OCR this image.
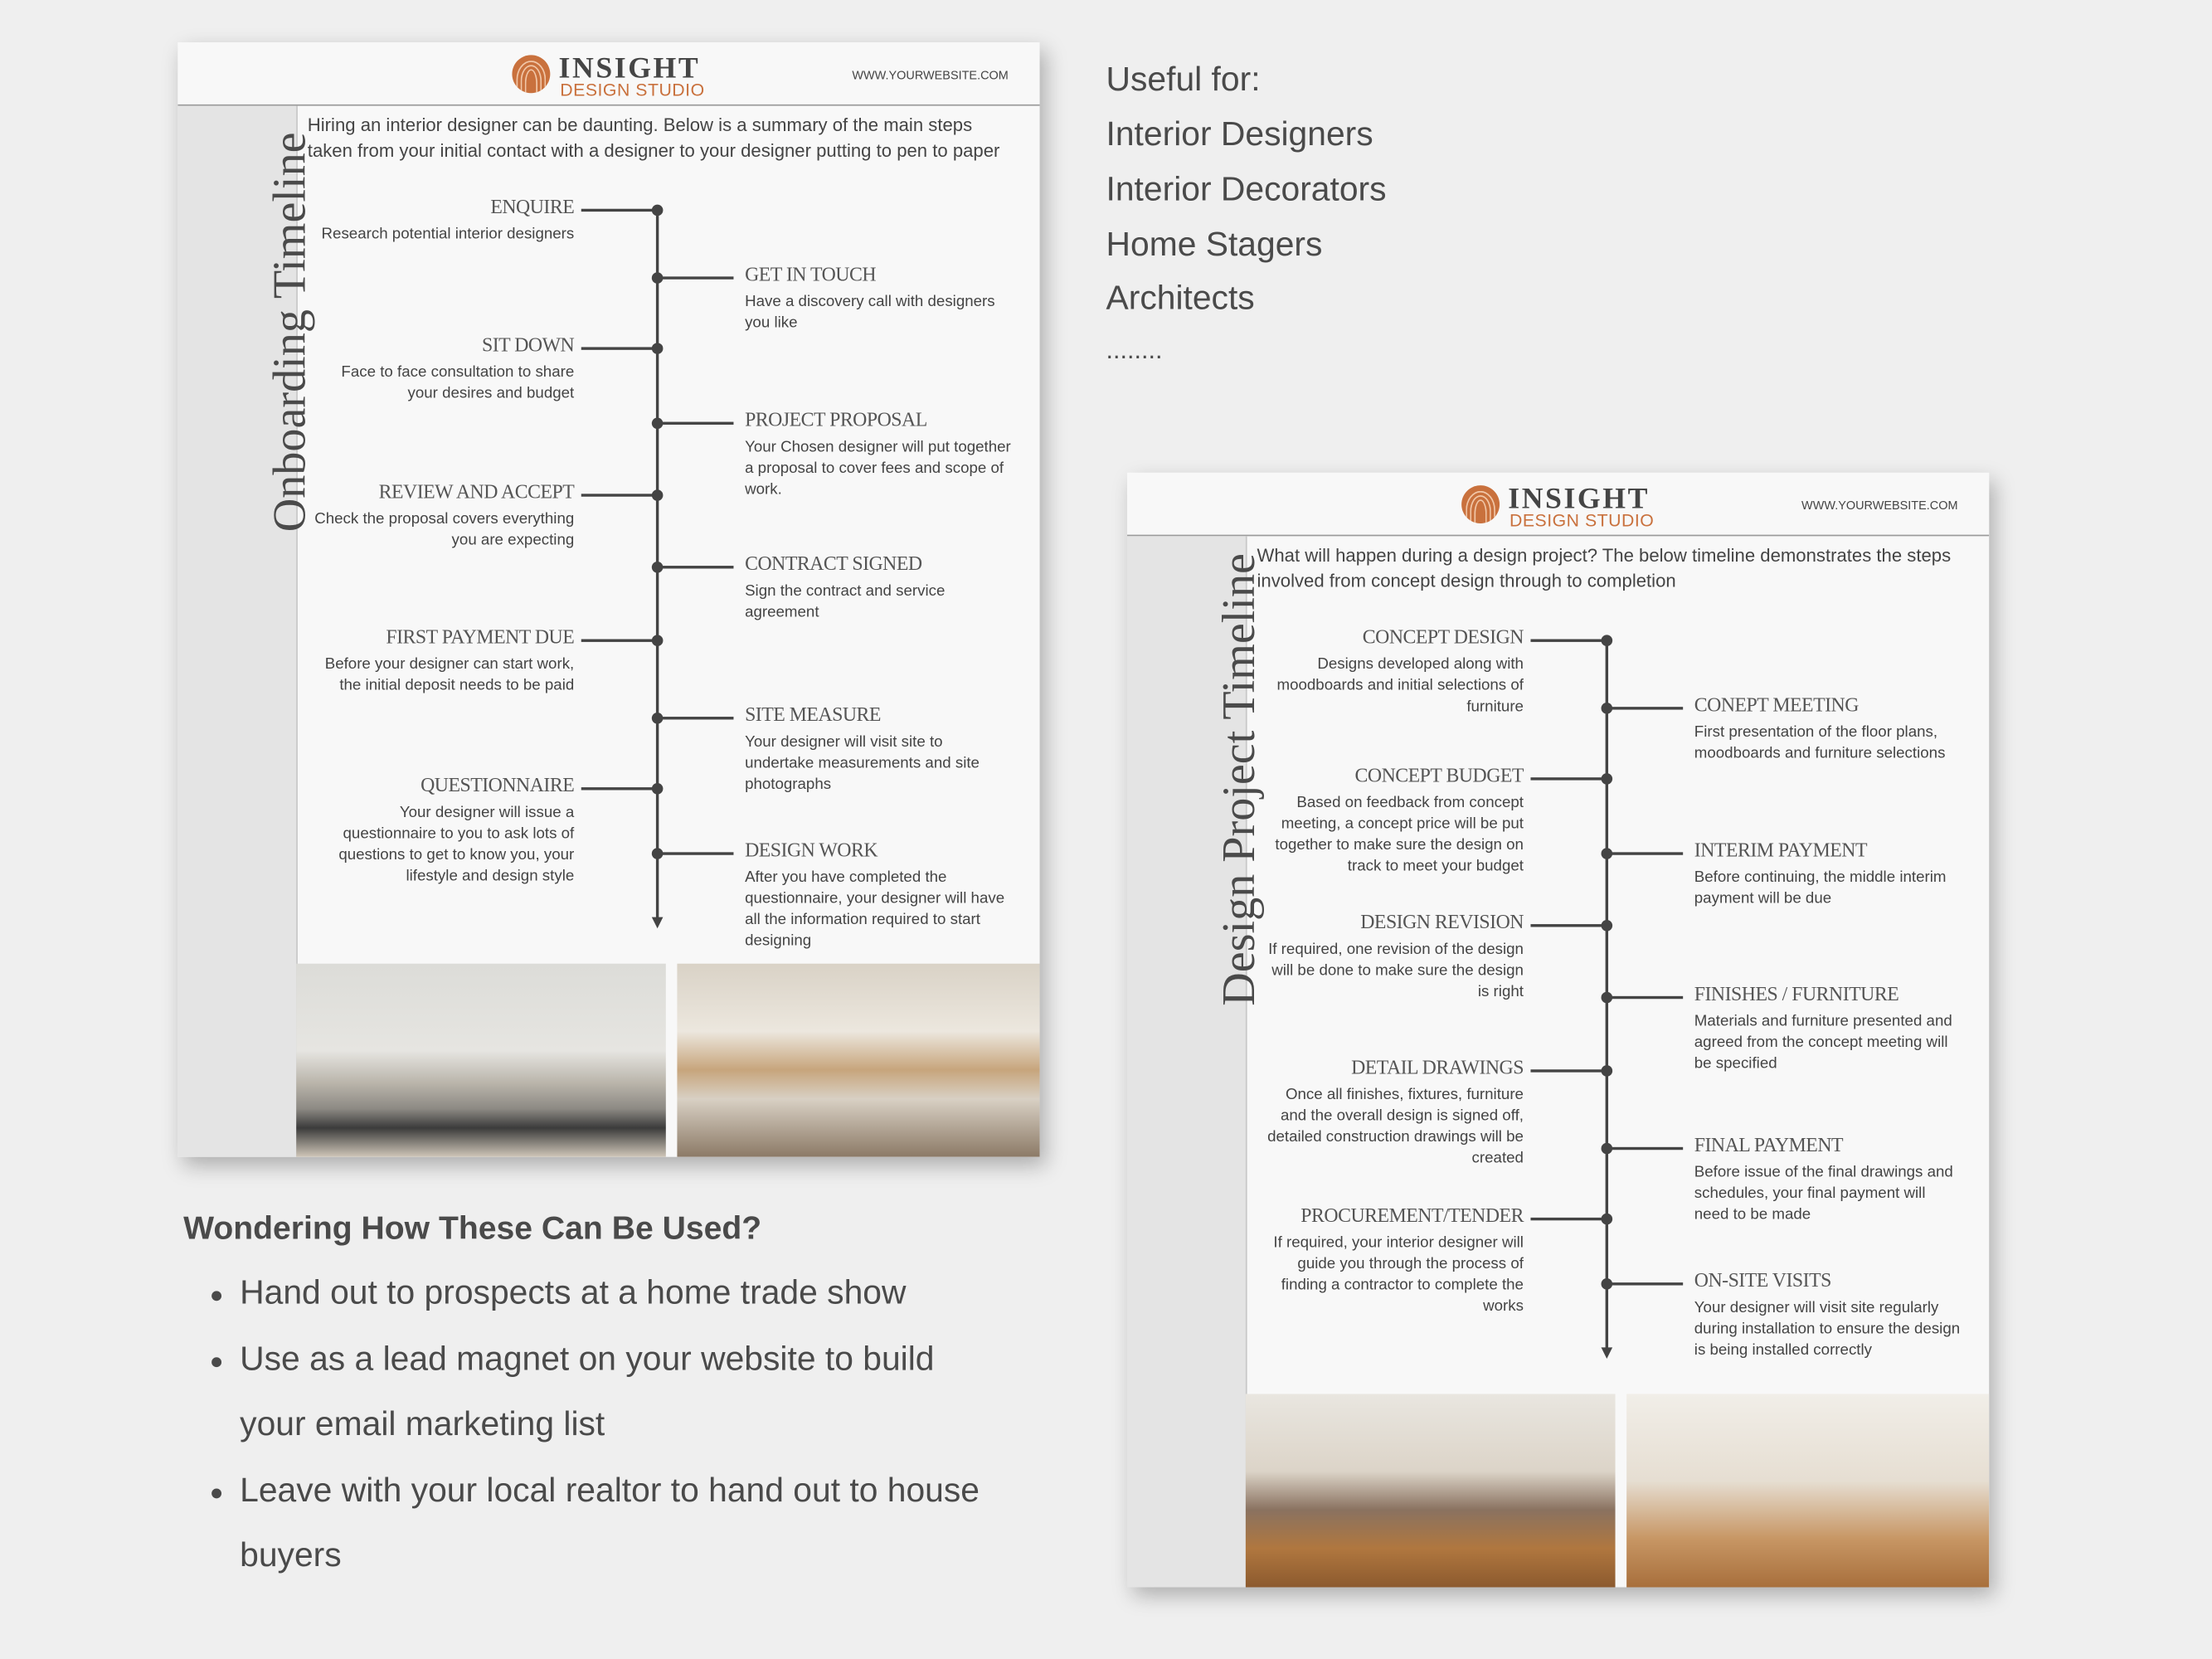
INSIGHT
DESIGN STUDIO
WWW.YOURWEBSITE.COM
Onboarding Timeline
Hiring an interior designer can be daunting. Below is a summary of the main steps taken from your initial contact with a designer to your designer putting to pen to paper
ENQUIRE
Research potential interior designers
GET IN TOUCH
Have a discovery call with designers you like
SIT DOWN
Face to face consultation to share your desires and budget
PROJECT PROPOSAL
Your Chosen designer will put together a proposal to cover fees and scope of work.
REVIEW AND ACCEPT
Check the proposal covers everything you are expecting
CONTRACT SIGNED
Sign the contract and service agreement
FIRST PAYMENT DUE
Before your designer can start work, the initial deposit needs to be paid
SITE MEASURE
Your designer will visit site to undertake measurements and site photographs
QUESTIONNAIRE
Your designer will issue a questionnaire to you to ask lots of questions to get to know you, your lifestyle and design style
DESIGN WORK
After you have completed the questionnaire, your designer will have all the information required to start designing
INSIGHT
DESIGN STUDIO
WWW.YOURWEBSITE.COM
Design Project Timeline
What will happen during a design project? The below timeline demonstrates the steps involved from concept design through to completion
CONCEPT DESIGN
Designs developed along with moodboards and initial selections of furniture	CONEPT MEETING
First presentation of the floor plans, moodboards and furniture selections
CONCEPT BUDGET
Based on feedback from concept meeting, a concept price will be put together to make sure the design on track to meet your budget
INTERIM PAYMENT
Before continuing, the middle interim payment will be due
DESIGN REVISION
If required, one revision of the design will be done to make sure the design is right	FINISHES / FURNITURE
Materials and furniture presented and agreed from the concept meeting will be specified
DETAIL DRAWINGS
Once all finishes, fixtures, furniture and the overall design is signed off, detailed construction drawings will be created
FINAL PAYMENT
Before issue of the final drawings and schedules, your final payment will need to be made
PROCUREMENT/TENDER
If required, your interior designer will guide you through the process of finding a contractor to complete the works
ON-SITE VISITS
Your designer will visit site regularly during installation to ensure the design is being installed correctly
Useful for:
Interior Designers
Interior Decorators
Home Stagers
Architects
........
Wondering How These Can Be Used?
Hand out to prospects at a home trade show
Use as a lead magnet on your website to build
your email marketing list
Leave with your local realtor to hand out to house
buyers
